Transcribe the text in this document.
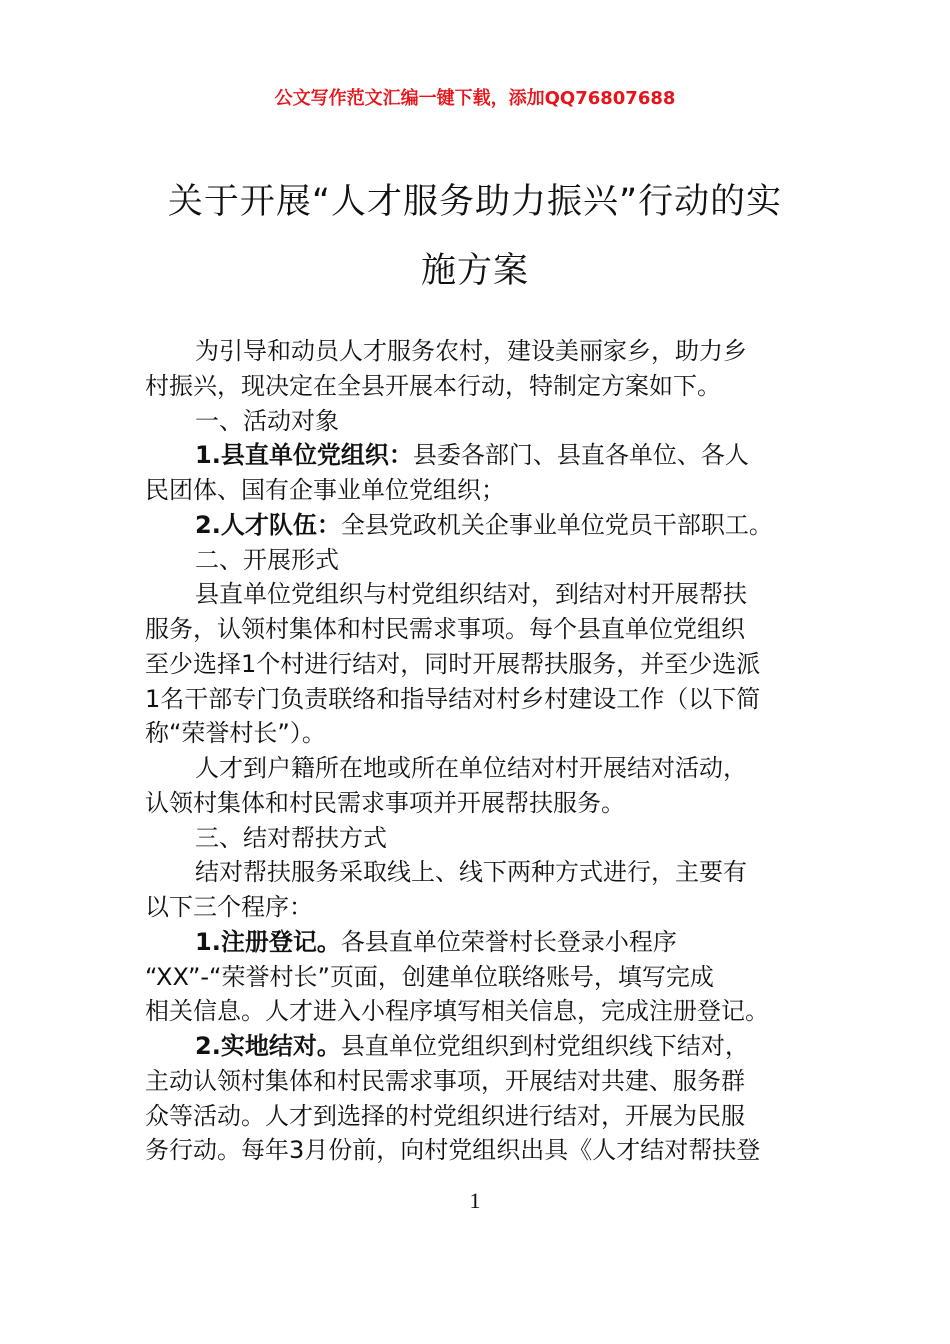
公文写作范文汇编一键下载，添加QQ76807688
关于开展“人才服务助力振兴”行动的实
施方案
为引导和动员人才服务农村，建设美丽家乡，助力乡
村振兴，现决定在全县开展本行动，特制定方案如下。
一、活动对象
1.县直单位党组织：县委各部门、县直各单位、各人
民团体、国有企事业单位党组织；
2.人才队伍：全县党政机关企事业单位党员干部职工。
二、开展形式
县直单位党组织与村党组织结对，到结对村开展帮扶
服务，认领村集体和村民需求事项。每个县直单位党组织
至少选择1个村进行结对，同时开展帮扶服务，并至少选派
1名干部专门负责联络和指导结对村乡村建设工作（以下简
称“荣誉村长”）。
人才到户籍所在地或所在单位结对村开展结对活动，
认领村集体和村民需求事项并开展帮扶服务。
三、结对帮扶方式
结对帮扶服务采取线上、线下两种方式进行，主要有
以下三个程序：
1.注册登记。各县直单位荣誉村长登录小程序
“XX”-“荣誉村长”页面，创建单位联络账号，填写完成
相关信息。人才进入小程序填写相关信息，完成注册登记。
2.实地结对。县直单位党组织到村党组织线下结对，
主动认领村集体和村民需求事项，开展结对共建、服务群
众等活动。人才到选择的村党组织进行结对，开展为民服
务行动。每年3月份前，向村党组织出具《人才结对帮扶登
1
